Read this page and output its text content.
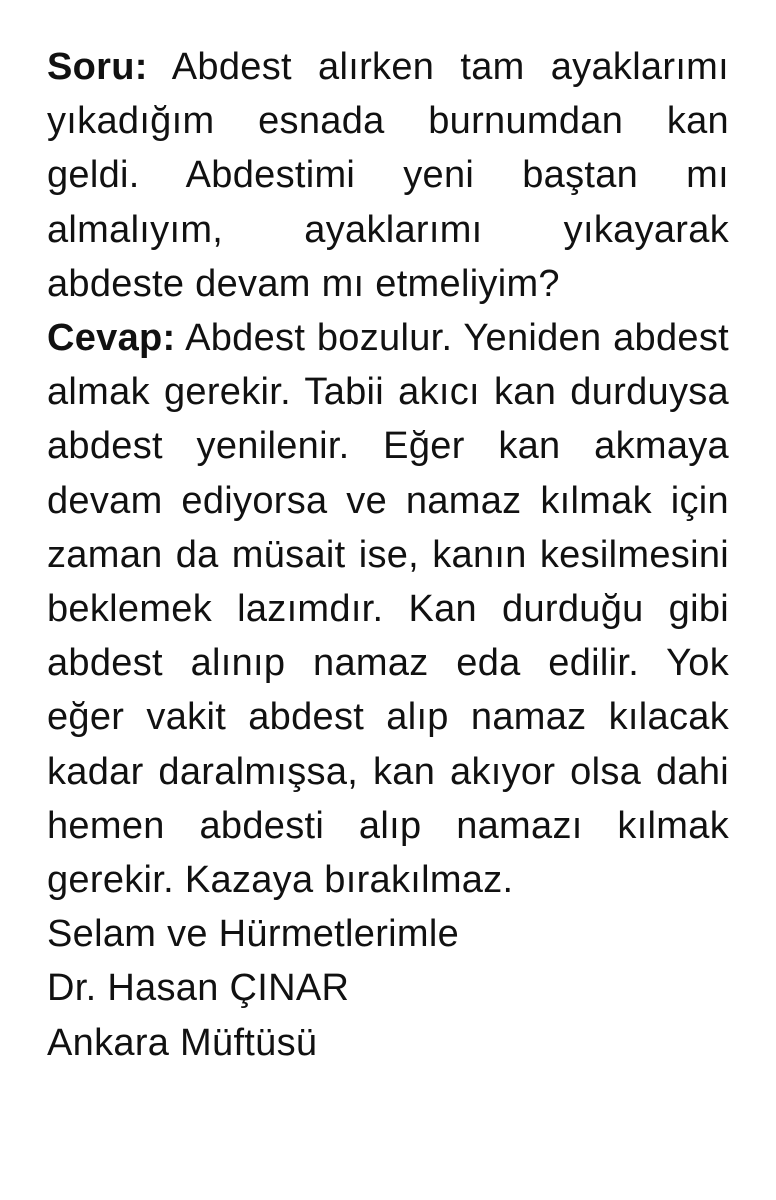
Soru: Abdest alırken tam ayaklarımı yıkadığım esnada burnumdan kan geldi. Abdestimi yeni baştan mı almalıyım, ayaklarımı yıkayarak abdeste devam mı etmeliyim?

Cevap: Abdest bozulur. Yeniden abdest almak gerekir. Tabii akıcı kan durduysa abdest yenilenir. Eğer kan akmaya devam ediyorsa ve namaz kılmak için zaman da müsait ise, kanın kesilmesini beklemek lazımdır. Kan durduğu gibi abdest alınıp namaz eda edilir. Yok eğer vakit abdest alıp namaz kılacak kadar daralmışsa, kan akıyor olsa dahi hemen abdesti alıp namazı kılmak gerekir. Kazaya bırakılmaz.

Selam ve Hürmetlerimle

Dr. Hasan ÇINAR

Ankara Müftüsü
